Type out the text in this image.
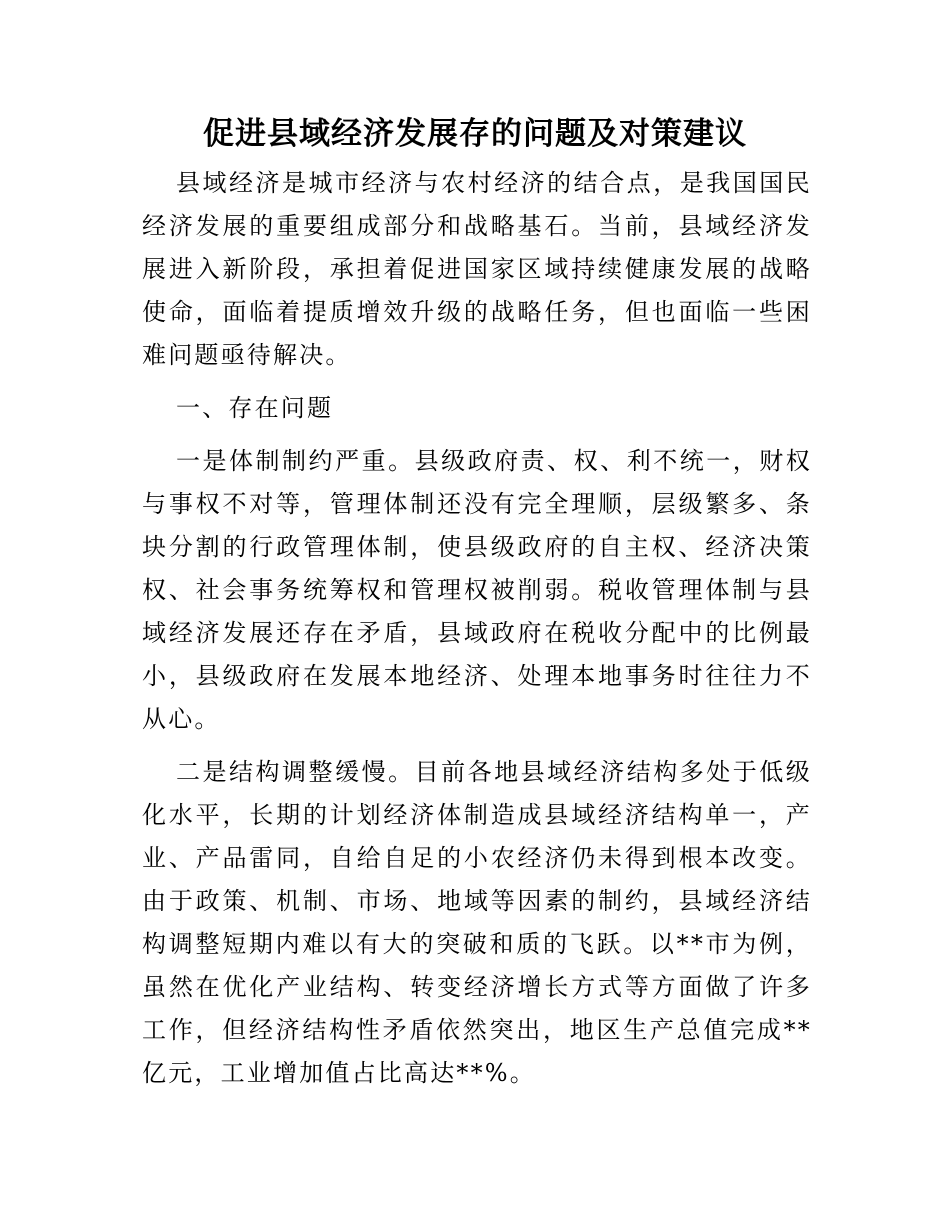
促进县域经济发展存的问题及对策建议

县域经济是城市经济与农村经济的结合点，是我国国民经济发展的重要组成部分和战略基石。当前，县域经济发展进入新阶段，承担着促进国家区域持续健康发展的战略使命，面临着提质增效升级的战略任务，但也面临一些困难问题亟待解决。

一、存在问题

一是体制制约严重。县级政府责、权、利不统一，财权与事权不对等，管理体制还没有完全理顺，层级繁多、条块分割的行政管理体制，使县级政府的自主权、经济决策权、社会事务统筹权和管理权被削弱。税收管理体制与县域经济发展还存在矛盾，县域政府在税收分配中的比例最小，县级政府在发展本地经济、处理本地事务时往往力不从心。

二是结构调整缓慢。目前各地县域经济结构多处于低级化水平，长期的计划经济体制造成县域经济结构单一，产业、产品雷同，自给自足的小农经济仍未得到根本改变。由于政策、机制、市场、地域等因素的制约，县域经济结构调整短期内难以有大的突破和质的飞跃。以**市为例，虽然在优化产业结构、转变经济增长方式等方面做了许多工作，但经济结构性矛盾依然突出，地区生产总值完成**亿元，工业增加值占比高达**%。
